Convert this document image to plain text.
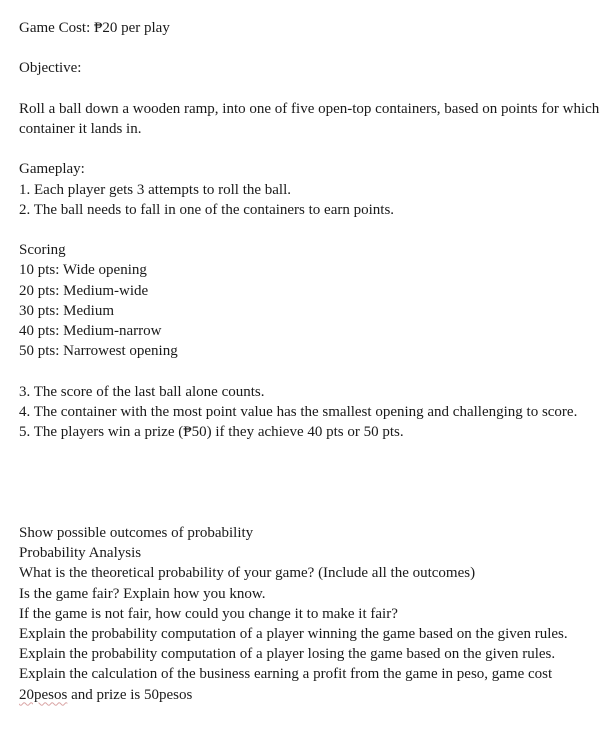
Game Cost: ₱20 per play
Objective:
Roll a ball down a wooden ramp, into one of five open-top containers, based on points for which container it lands in.
Gameplay:
1. Each player gets 3 attempts to roll the ball.
2. The ball needs to fall in one of the containers to earn points.
Scoring
10 pts: Wide opening
20 pts: Medium-wide
30 pts: Medium
40 pts: Medium-narrow
50 pts: Narrowest opening
3. The score of the last ball alone counts.
4. The container with the most point value has the smallest opening and challenging to score.
5. The players win a prize (₱50) if they achieve 40 pts or 50 pts.
Show possible outcomes of probability
Probability Analysis
What is the theoretical probability of your game? (Include all the outcomes)
Is the game fair? Explain how you know.
If the game is not fair, how could you change it to make it fair?
Explain the probability computation of a player winning the game based on the given rules.
Explain the probability computation of a player losing the game based on the given rules.
Explain the calculation of the business earning a profit from the game in peso, game cost
20pesos and prize is 50pesos
